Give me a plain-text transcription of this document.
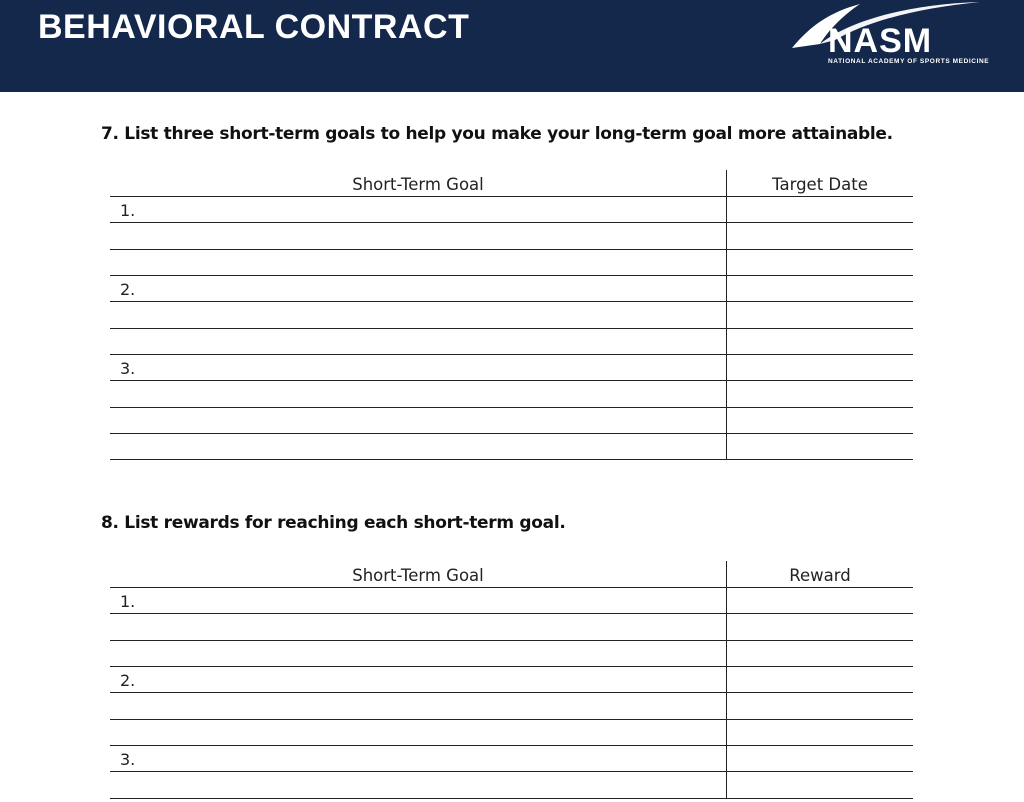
BEHAVIORAL CONTRACT	NASM
NATIONAL ACADEMY OF SPORTS MEDICINE
7. List three short-term goals to help you make your long-term goal more attainable.
Short-Term Goal	Target Date
1.
2.
3.
8. List rewards for reaching each short-term goal.
Short-Term Goal	Reward
1.
2.
3.
